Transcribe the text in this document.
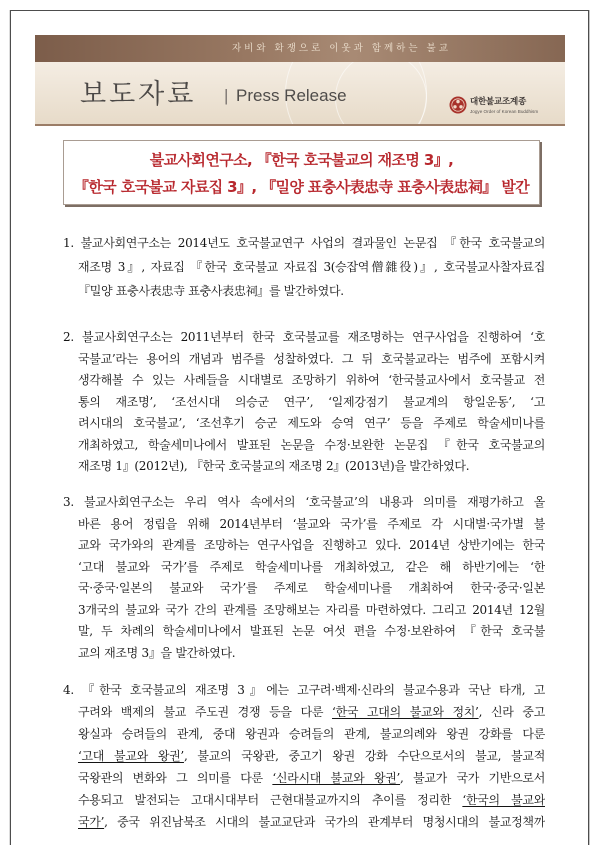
자비와 화쟁으로 이웃과 함께하는 불교
보도자료 | Press Release	대한불교조계종
Jogye Order of Korean Buddhism
불교사회연구소, 『한국 호국불교의 재조명 3』,
『한국 호국불교 자료집 3』, 『밀양 표충사表忠寺 표충사表忠祠』 발간
1. 불교사회연구소는 2014년도 호국불교연구 사업의 결과물인 논문집 『한국 호국불교의
재조명 3』, 자료집 『한국 호국불교 자료집 3(승잡역僧雜役)』, 호국불교사찰자료집
『밀양 표충사表忠寺 표충사表忠祠』를 발간하였다.
2. 불교사회연구소는 2011년부터 한국 호국불교를 재조명하는 연구사업을 진행하여 ‘호
국불교’라는 용어의 개념과 범주를 성찰하였다. 그 뒤 호국불교라는 범주에 포함시켜
생각해볼 수 있는 사례들을 시대별로 조망하기 위하여 ‘한국불교사에서 호국불교 전
통의 재조명’, ‘조선시대 의승군 연구’, ‘일제강점기 불교계의 항일운동’, ‘고
려시대의 호국불교’, ‘조선후기 승군 제도와 승역 연구’ 등을 주제로 학술세미나를
개최하였고, 학술세미나에서 발표된 논문을 수정·보완한 논문집 『한국 호국불교의
재조명 1』(2012년), 『한국 호국불교의 재조명 2』(2013년)을 발간하였다.
3. 불교사회연구소는 우리 역사 속에서의 ‘호국불교’의 내용과 의미를 재평가하고 올
바른 용어 정립을 위해 2014년부터 ‘불교와 국가’를 주제로 각 시대별·국가별 불
교와 국가와의 관계를 조망하는 연구사업을 진행하고 있다. 2014년 상반기에는 한국
‘고대 불교와 국가’를 주제로 학술세미나를 개최하였고, 같은 해 하반기에는 ‘한
국·중국·일본의 불교와 국가’를 주제로 학술세미나를 개최하여 한국·중국·일본
3개국의 불교와 국가 간의 관계를 조망해보는 자리를 마련하였다. 그리고 2014년 12월
말, 두 차례의 학술세미나에서 발표된 논문 여섯 편을 수정·보완하여 『한국 호국불
교의 재조명 3』을 발간하였다.
4. 『한국 호국불교의 재조명 3』에는 고구려·백제·신라의 불교수용과 국난 타개, 고
구려와 백제의 불교 주도권 경쟁 등을 다룬 ‘한국 고대의 불교와 정치’, 신라 중고
왕실과 승려들의 관계, 중대 왕권과 승려들의 관계, 불교의례와 왕권 강화를 다룬
‘고대 불교와 왕권’, 불교의 국왕관, 중고기 왕권 강화 수단으로서의 불교, 불교적
국왕관의 변화와 그 의미를 다룬 ‘신라시대 불교와 왕권’, 불교가 국가 기반으로서
수용되고 발전되는 고대시대부터 근현대불교까지의 추이를 정리한 ‘한국의 불교와
국가’, 중국 위진남북조 시대의 불교교단과 국가의 관계부터 명청시대의 불교정책까
